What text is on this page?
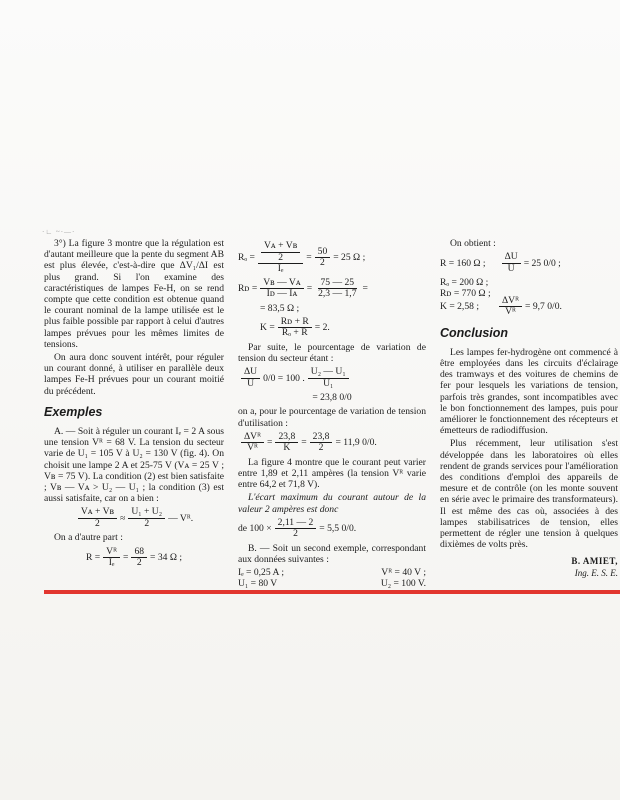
·∟ ~·—·

3°) La figure 3 montre que la régulation est d'autant meilleure que la pente du segment AB est plus élevée, c'est-à-dire que ΔV₁/ΔI est plus grand. Si l'on examine des caractéristiques de lampes Fe-H, on se rend compte que cette condition est obtenue quand le courant nominal de la lampe utilisée est le plus faible possible par rapport à celui d'autres lampes prévues pour les mêmes limites de tensions.

On aura donc souvent intérêt, pour réguler un courant donné, à utiliser en parallèle deux lampes Fe-H prévues pour un courant moitié du précédent.

Exemples

A. — Soit à réguler un courant Iₑ = 2 A sous une tension Vᴿ = 68 V. La tension du secteur varie de U₁ = 105 V à U₂ = 130 V (fig. 4). On choisit une lampe 2 A et 25-75 V (Vᴀ = 25 V ; Vʙ = 75 V). La condition (2) est bien satisfaite ; Vʙ — Vᴀ > U₂ — U₁ ; la condition (3) est aussi satisfaite, car on a bien :

$\frac{\text{Vᴀ + Vʙ}}{2} \approx \frac{\text{U₁ + U₂}}{2}$ — Vᴿ.

On a d'autre part :

$R = \frac{\text{Vᴿ}}{\text{Iₑ}} = \frac{68}{2} = 34$ Ω ;
$R_o = \frac{\frac{\text{Vᴀ + Vʙ}}{2}}{\text{Iₑ}} = \frac{50}{2} = 25$ Ω ;
Rᴅ = $\frac{\text{Vʙ — Vᴀ}}{\text{Iᴅ — Iᴀ}} = \frac{75 — 25}{2,3 — 1,7}$ =
= 83,5 Ω ;
$K = \frac{\text{Rᴅ + R}}{\text{Rₒ + R}} = 2$.

Par suite, le pourcentage de variation de tension du secteur étant :

$\frac{\Delta U}{U} 0/0 = 100$ . $\frac{\text{U₂ — U₁}}{\text{U₁}}$
= 23,8 0/0

on a, pour le pourcentage de variation de tension d'utilisation :

$\frac{\text{ΔVᴿ}}{\text{Vᴿ}} = \frac{23,8}{K} = \frac{23,8}{2} = 11,9$ 0/0.

La figure 4 montre que le courant peut varier entre 1,89 et 2,11 ampères (la tension Vᴿ varie entre 64,2 et 71,8 V).

L'écart maximum du courant autour de la valeur 2 ampères est donc

de $100 \times \frac{2,11 — 2}{2} = 5,5$ 0/0.

B. — Soit un second exemple, correspondant aux données suivantes :

Iₑ = 0,25 A ;	Vᴿ = 40 V ;
U₁ = 80 V	U₂ = 100 V.

On obtient :

R = 160 Ω ; $\frac{\Delta U}{U} = 25$ 0/0 ;
Rₒ = 200 Ω ;
Rᴅ = 770 Ω ;
K = 2,58 ; $\frac{\text{ΔVᴿ}}{\text{Vᴿ}} = 9,7$ 0/0.
Conclusion

Les lampes fer-hydrogène ont commencé à être employées dans les circuits d'éclairage des tramways et des voitures de chemins de fer pour lesquels les variations de tension, parfois très grandes, sont incompatibles avec le bon fonctionnement des lampes, puis pour améliorer le fonctionnement des récepteurs et émetteurs de radiodiffusion.

Plus récemment, leur utilisation s'est développée dans les laboratoires où elles rendent de grands services pour l'amélioration des conditions d'emploi des appareils de mesure et de contrôle (on les monte souvent en série avec le primaire des transformateurs). Il est même des cas où, associées à des lampes stabilisatrices de tension, elles permettent de régler une tension à quelques dixièmes de volts près.

B. AMIET,
Ing. E. S. E.
